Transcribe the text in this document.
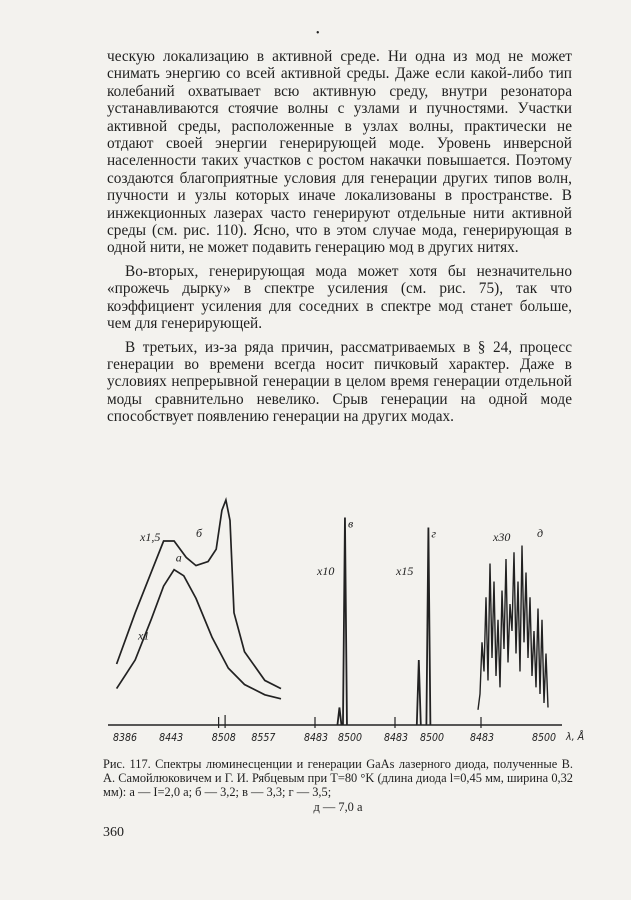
•

ческую локализацию в активной среде. Ни одна из мод не может снимать энергию со всей активной среды. Даже если какой-либо тип колебаний охватывает всю активную среду, внутри резонатора устанавливаются стоячие волны с узлами и пучностями. Участки активной среды, расположенные в узлах волны, практически не отдают своей энергии генерирующей моде. Уровень инверсной населенности таких участков с ростом накачки повышается. Поэтому создаются благоприятные условия для генерации других типов волн, пучности и узлы которых иначе локализованы в пространстве. В инжекционных лазерах часто генерируют отдельные нити активной среды (см. рис. 110). Ясно, что в этом случае мода, генерирующая в одной нити, не может подавить генерацию мод в других нитях.

Во-вторых, генерирующая мода может хотя бы незначительно «прожечь дырку» в спектре усиления (см. рис. 75), так что коэффициент усиления для соседних в спектре мод станет больше, чем для генерирующей.

В третьих, из-за ряда причин, рассматриваемых в § 24, процесс генерации во времени всегда носит пичковый характер. Даже в условиях непрерывной генерации в целом время генерации отдельной моды сравнительно невелико. Срыв генерации на одной моде способствует появлению генерации на других модах.

λ, Å
а
б
x1
x1,5
8386 8443	8508 8557	8483 8500
в
x10
8483 8500
г
x15
д
x30
8483	8500
Рис. 117. Спектры люминесценции и генерации GaAs лазерного диода, полученные В. А. Самойлюковичем и Г. И. Рябцевым при T=80 °K (длина диода l=0,45 мм, ширина 0,32 мм): а — I=2,0 а; б — 3,2; в — 3,3; г — 3,5;
д — 7,0 а
360
